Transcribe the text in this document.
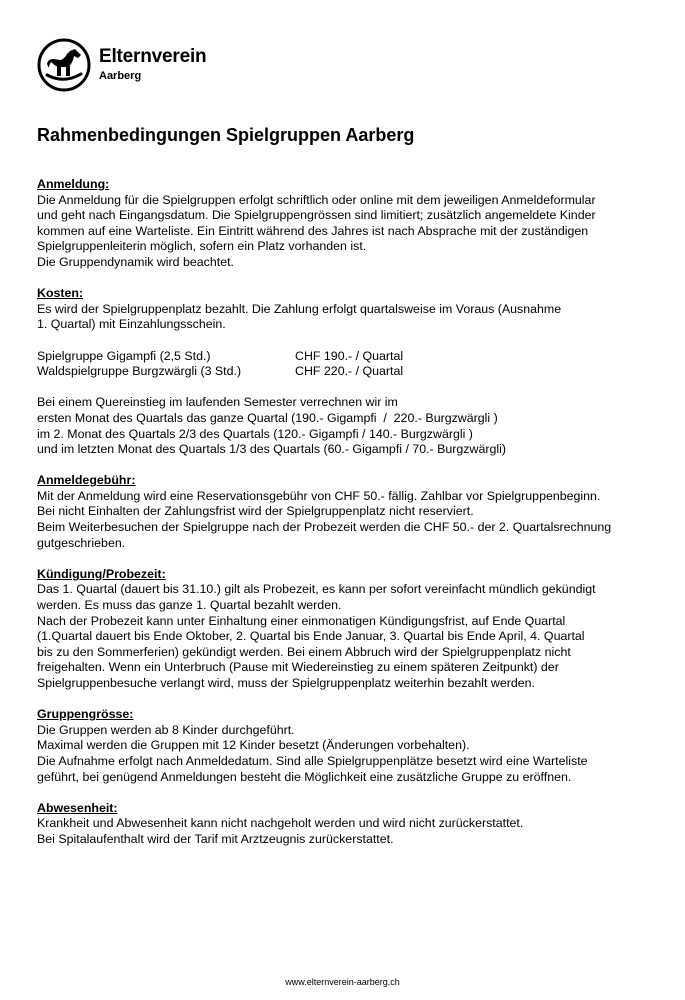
Elternverein
Aarberg
Rahmenbedingungen Spielgruppen Aarberg
Anmeldung:
Die Anmeldung für die Spielgruppen erfolgt schriftlich oder online mit dem jeweiligen Anmeldeformular
und geht nach Eingangsdatum. Die Spielgruppengrössen sind limitiert; zusätzlich angemeldete Kinder
kommen auf eine Warteliste. Ein Eintritt während des Jahres ist nach Absprache mit der zuständigen
Spielgruppenleiterin möglich, sofern ein Platz vorhanden ist.
Die Gruppendynamik wird beachtet.
Kosten:
Es wird der Spielgruppenplatz bezahlt. Die Zahlung erfolgt quartalsweise im Voraus (Ausnahme
1. Quartal) mit Einzahlungsschein.
Spielgruppe Gigampfi (2,5 Std.)	CHF 190.- / Quartal
Waldspielgruppe Burgzwärgli (3 Std.)	CHF 220.- / Quartal
Bei einem Quereinstieg im laufenden Semester verrechnen wir im
ersten Monat des Quartals das ganze Quartal (190.- Gigampfi  /  220.- Burgzwärgli )
im 2. Monat des Quartals 2/3 des Quartals (120.- Gigampfi / 140.- Burgzwärgli )
und im letzten Monat des Quartals 1/3 des Quartals (60.- Gigampfi / 70.- Burgzwärgli)
Anmeldegebühr:
Mit der Anmeldung wird eine Reservationsgebühr von CHF 50.- fällig. Zahlbar vor Spielgruppenbeginn.
Bei nicht Einhalten der Zahlungsfrist wird der Spielgruppenplatz nicht reserviert.
Beim Weiterbesuchen der Spielgruppe nach der Probezeit werden die CHF 50.- der 2. Quartalsrechnung
gutgeschrieben.
Kündigung/Probezeit:
Das 1. Quartal (dauert bis 31.10.) gilt als Probezeit, es kann per sofort vereinfacht mündlich gekündigt
werden. Es muss das ganze 1. Quartal bezahlt werden.
Nach der Probezeit kann unter Einhaltung einer einmonatigen Kündigungsfrist, auf Ende Quartal
(1.Quartal dauert bis Ende Oktober, 2. Quartal bis Ende Januar, 3. Quartal bis Ende April, 4. Quartal
bis zu den Sommerferien) gekündigt werden. Bei einem Abbruch wird der Spielgruppenplatz nicht
freigehalten. Wenn ein Unterbruch (Pause mit Wiedereinstieg zu einem späteren Zeitpunkt) der
Spielgruppenbesuche verlangt wird, muss der Spielgruppenplatz weiterhin bezahlt werden.
Gruppengrösse:
Die Gruppen werden ab 8 Kinder durchgeführt.
Maximal werden die Gruppen mit 12 Kinder besetzt (Änderungen vorbehalten).
Die Aufnahme erfolgt nach Anmeldedatum. Sind alle Spielgruppenplätze besetzt wird eine Warteliste
geführt, bei genügend Anmeldungen besteht die Möglichkeit eine zusätzliche Gruppe zu eröffnen.
Abwesenheit:
Krankheit und Abwesenheit kann nicht nachgeholt werden und wird nicht zurückerstattet.
Bei Spitalaufenthalt wird der Tarif mit Arztzeugnis zurückerstattet.
www.elternverein-aarberg.ch
